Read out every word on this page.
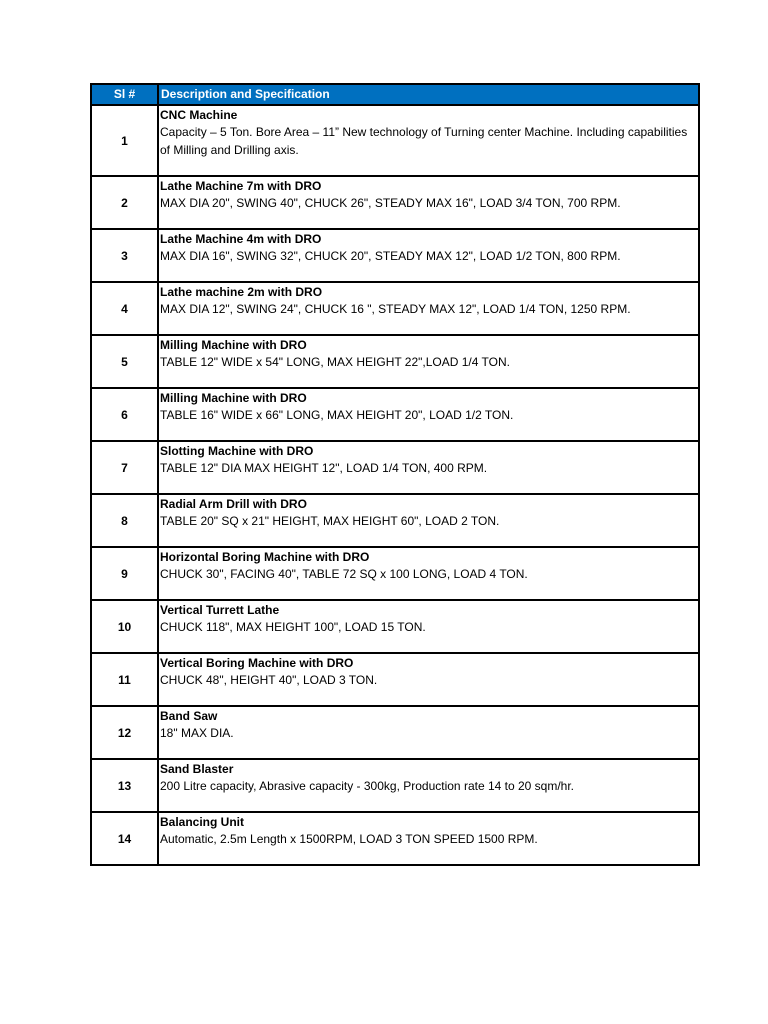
Sl #	Description and Specification
1	CNC Machine
Capacity – 5 Ton. Bore Area – 11” New technology of Turning center Machine. Including capabilities of Milling and Drilling axis.

2	Lathe Machine 7m with DRO
MAX DIA 20", SWING 40", CHUCK 26", STEADY MAX 16", LOAD 3/4 TON, 700 RPM.

3	Lathe Machine 4m with DRO
MAX DIA 16", SWING 32", CHUCK 20", STEADY MAX 12", LOAD 1/2 TON, 800 RPM.

4	Lathe machine 2m with DRO
MAX DIA 12", SWING 24", CHUCK 16 ", STEADY MAX 12", LOAD 1/4 TON, 1250 RPM.

5	Milling Machine with DRO
TABLE 12" WIDE x 54" LONG, MAX HEIGHT 22",LOAD 1/4 TON.

6	Milling Machine with DRO
TABLE 16" WIDE x 66" LONG, MAX HEIGHT 20", LOAD 1/2 TON.

7	Slotting Machine with DRO
TABLE 12" DIA MAX HEIGHT 12", LOAD 1/4 TON, 400 RPM.

8	Radial Arm Drill with DRO
TABLE 20" SQ x 21" HEIGHT, MAX HEIGHT 60", LOAD 2 TON.

9	Horizontal Boring Machine with DRO
CHUCK 30", FACING 40", TABLE 72 SQ x 100 LONG, LOAD 4 TON.

10	Vertical Turrett Lathe
CHUCK 118", MAX HEIGHT 100", LOAD 15 TON.

11	Vertical Boring Machine with DRO
CHUCK 48", HEIGHT 40", LOAD 3 TON.

12	Band Saw
18" MAX DIA.

13	Sand Blaster
200 Litre capacity, Abrasive capacity - 300kg, Production rate 14 to 20 sqm/hr.

14	Balancing Unit
Automatic, 2.5m Length x 1500RPM, LOAD 3 TON SPEED 1500 RPM.
